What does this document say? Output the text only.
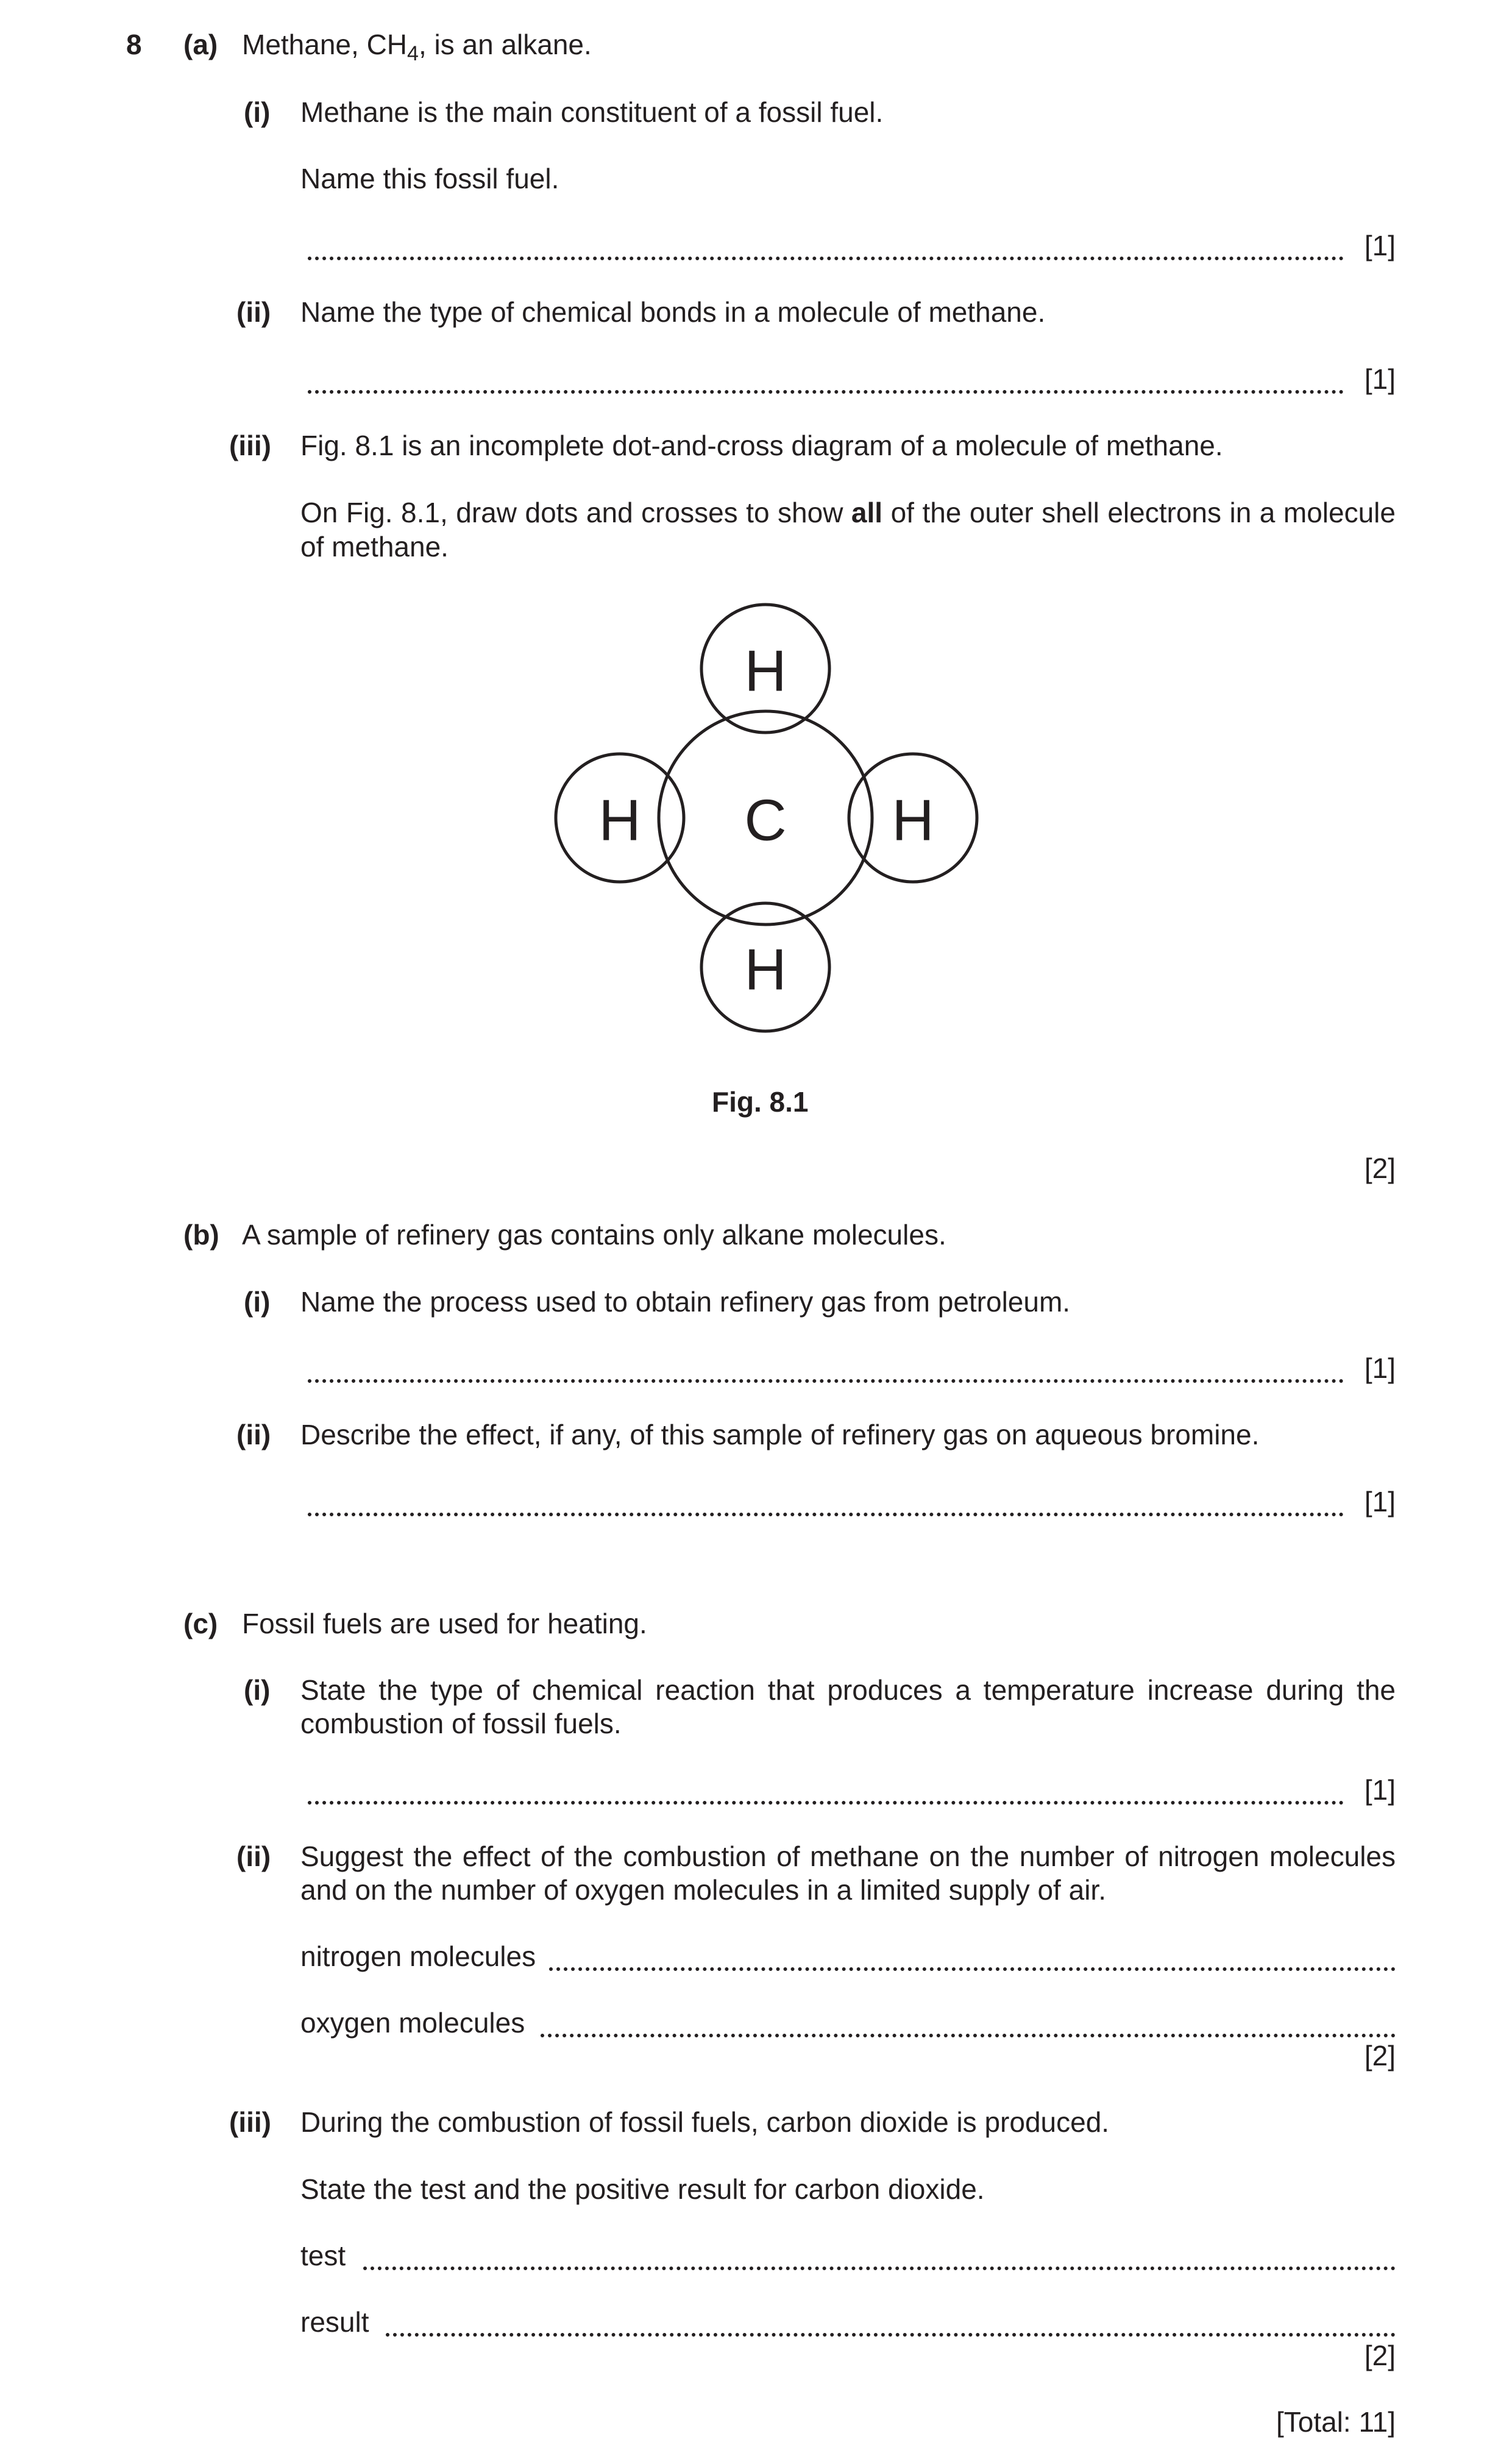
8 (a) Methane, $CH_4$, is an alkane.
(i) Methane is the main constituent of a fossil fuel.
Name this fossil fuel.
[1]
(ii) Name the type of chemical bonds in a molecule of methane.
[1]
(iii) Fig. 8.1 is an incomplete dot-and-cross diagram of a molecule of methane.
On Fig. 8.1, draw dots and crosses to show all of the outer shell electrons in a molecule of methane.
C
H
H	H
H
Fig. 8.1
[2]
(b) A sample of refinery gas contains only alkane molecules.
(i) Name the process used to obtain refinery gas from petroleum.
[1]
(ii) Describe the effect, if any, of this sample of refinery gas on aqueous bromine.
[1]
(c) Fossil fuels are used for heating.
(i) State the type of chemical reaction that produces a temperature increase during the combustion of fossil fuels.
[1]
(ii) Suggest the effect of the combustion of methane on the number of nitrogen molecules and on the number of oxygen molecules in a limited supply of air.
nitrogen molecules
oxygen molecules
[2]
(iii) During the combustion of fossil fuels, carbon dioxide is produced.
State the test and the positive result for carbon dioxide.
test
result
[2]
[Total: 11]
